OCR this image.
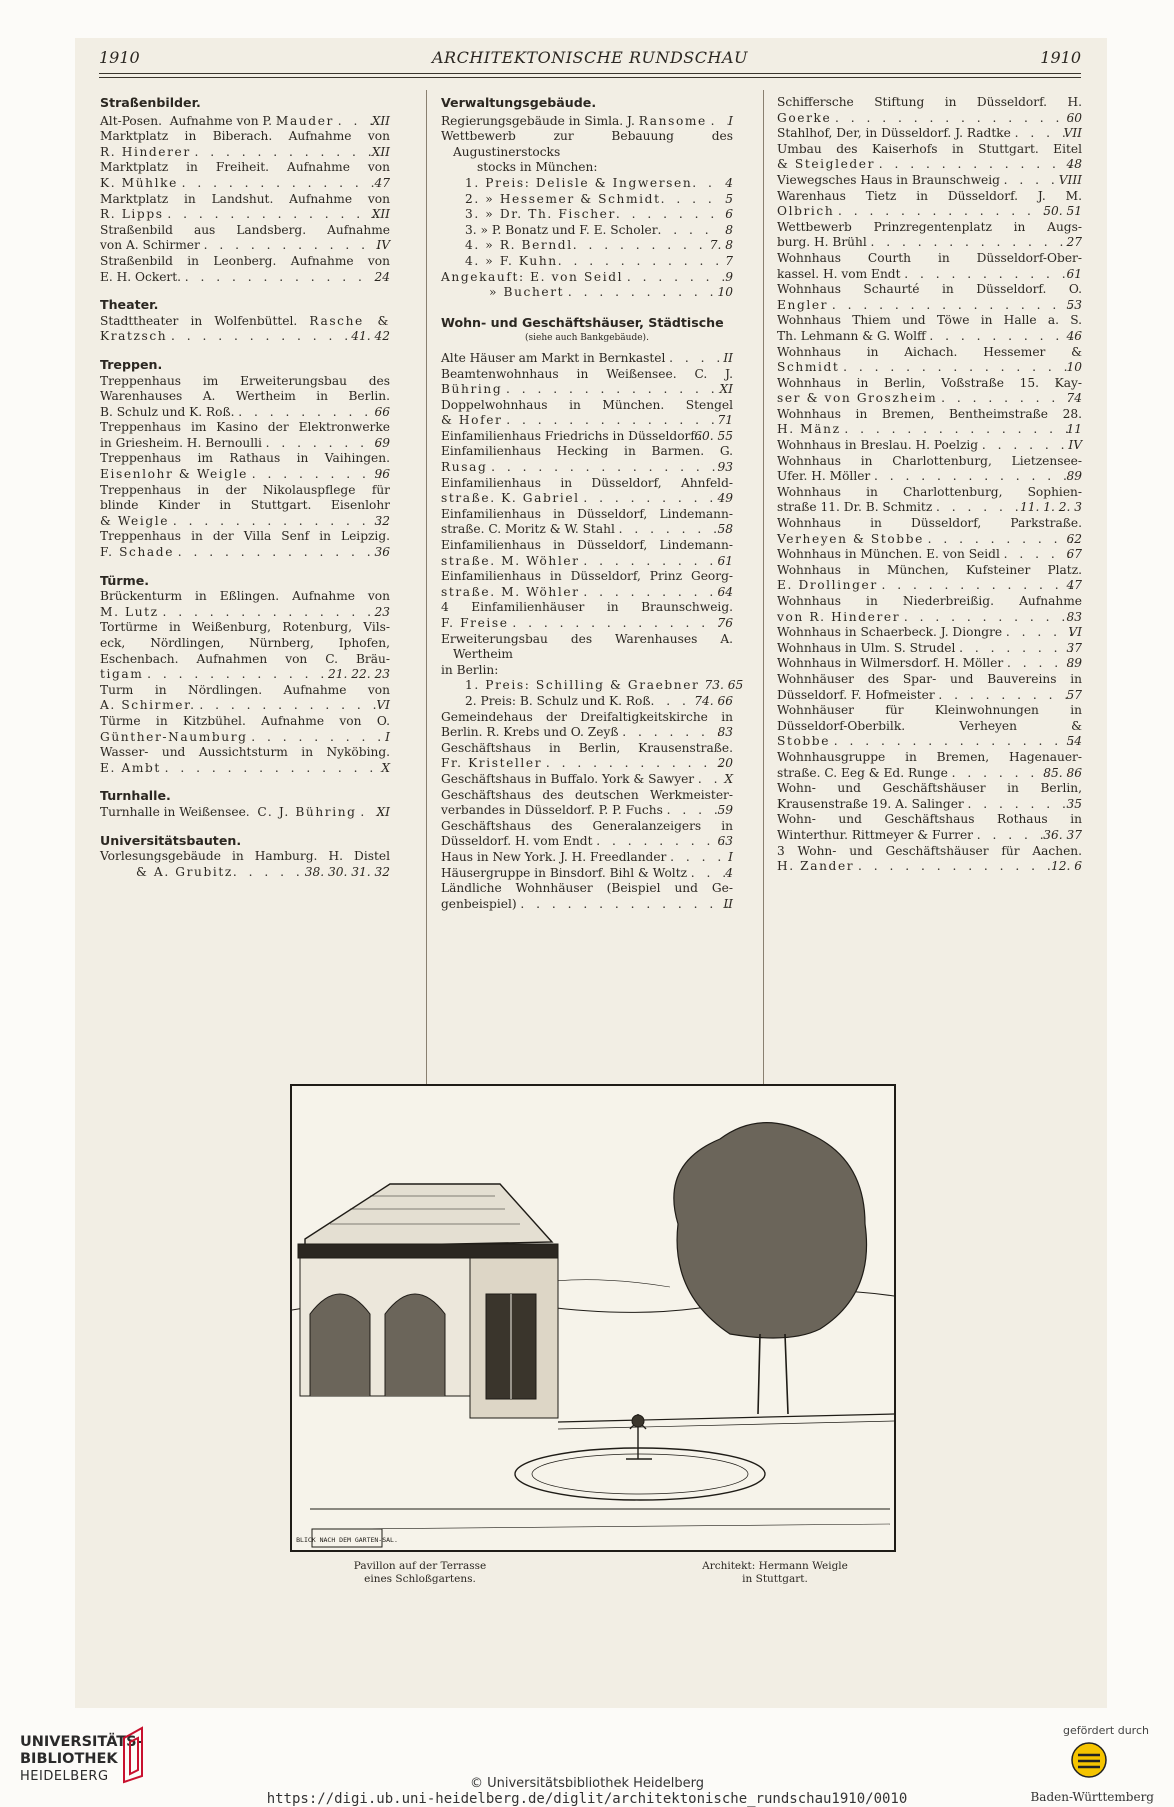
1910	ARCHITEKTONISCHE RUNDSCHAU	1910
Straßenbilder.
Alt-Posen. Aufnahme von P. Mauder . . .	XII
Marktplatz in Biberach. Aufnahme von
R. Hinderer . . .	XII
Marktplatz in Freiheit. Aufnahme von
K. Mühlke . . .	47
Marktplatz in Landshut. Aufnahme von
R. Lipps . . .	XII
Straßenbild aus Landsberg. Aufnahme
von A. Schirmer . . .	IV
Straßenbild in Leonberg. Aufnahme von
E. H. Ockert. . . .	24
Theater.
Stadttheater in Wolfenbüttel. Rasche &
Kratzsch . . .	41. 42
Treppen.
Treppenhaus im Erweiterungsbau des
Warenhauses A. Wertheim in Berlin.
B. Schulz und K. Roß. . . .	66
Treppenhaus im Kasino der Elektronwerke
in Griesheim. H. Bernoulli . . .	69
Treppenhaus im Rathaus in Vaihingen.
Eisenlohr & Weigle . . .	96
Treppenhaus in der Nikolauspflege für
blinde Kinder in Stuttgart. Eisenlohr
& Weigle . . .	32
Treppenhaus in der Villa Senf in Leipzig.
F. Schade . . .	36
Türme.
Brückenturm in Eßlingen. Aufnahme von
M. Lutz . . .	23
Tortürme in Weißenburg, Rotenburg, Vils-
eck, Nördlingen, Nürnberg, Iphofen,
Eschenbach. Aufnahmen von C. Bräu-
tigam . . .	21. 22. 23
Turm in Nördlingen. Aufnahme von
A. Schirmer. . . .	VI
Türme in Kitzbühel. Aufnahme von O.
Günther-Naumburg . . .	I
Wasser- und Aussichtsturm in Nyköbing.
E. Ambt . . .	X
Turnhalle.
Turnhalle in Weißensee. C. J. Bühring . . . XI
Universitätsbauten.
Vorlesungsgebäude in Hamburg. H. Distel
& A. Grubitz . . .	38. 30. 31. 32
Verwaltungsgebäude.
Regierungsgebäude in Simla. J. Ransome . . . I
Wettbewerb zur Bebauung des Augustinerstocks
stocks in München:
1. Preis: Delisle & Ingwersen . . .	4
2. » Hessemer & Schmidt . . .	5
3. » Dr. Th. Fischer . . .	6
3. » P. Bonatz und F. E. Scholer . . .	8
4. » R. Berndl . . .	7. 8
4. » F. Kuhn . . .	7
Angekauft: E. von Seidl . . .	9
» Buchert . . .	10
Wohn- und Geschäftshäuser, Städtische
(siehe auch Bankgebäude).
Alte Häuser am Markt in Bernkastel . . .	II
Beamtenwohnhaus in Weißensee. C. J.
Bühring . . .	XI
Doppelwohnhaus in München. Stengel
& Hofer . . .	71
Einfamilienhaus Friedrichs in Düsseldorf . . . 60. 55
Einfamilienhaus Hecking in Barmen. G.
Rusag . . .	93
Einfamilienhaus in Düsseldorf, Ahnfeld-
straße. K. Gabriel . . .	49
Einfamilienhaus in Düsseldorf, Lindemann-
straße. C. Moritz & W. Stahl . . .	58
Einfamilienhaus in Düsseldorf, Lindemann-
straße. M. Wöhler . . .	61
Einfamilienhaus in Düsseldorf, Prinz Georg-
straße. M. Wöhler . . .	64
4 Einfamilienhäuser in Braunschweig.
F. Freise . . .	76
Erweiterungsbau des Warenhauses A. Wertheim
in Berlin:
1. Preis: Schilling & Graebner 73. 65
2. Preis: B. Schulz und K. Roß . . .	74. 66
Gemeindehaus der Dreifaltigkeitskirche in
Berlin. R. Krebs und O. Zeyß . . .	83
Geschäftshaus in Berlin, Krausenstraße.
Fr. Kristeller . . .	20
Geschäftshaus in Buffalo. York & Sawyer . . . X
Geschäftshaus des deutschen Werkmeister-
verbandes in Düsseldorf. P. P. Fuchs . . .	59
Geschäftshaus des Generalanzeigers in
Düsseldorf. H. vom Endt . . .	63
Haus in New York. J. H. Freedlander . . .	I
Häusergruppe in Binsdorf. Bihl & Woltz . . .	4
Ländliche Wohnhäuser (Beispiel und Ge-
genbeispiel) . . .	II
Schiffersche Stiftung in Düsseldorf. H.
Goerke . . .	60
Stahlhof, Der, in Düsseldorf. J. Radtke . . .	VII
Umbau des Kaiserhofs in Stuttgart. Eitel
& Steigleder . . .	48
Viewegsches Haus in Braunschweig . . .	VIII
Warenhaus Tietz in Düsseldorf. J. M.
Olbrich . . .	50. 51
Wettbewerb Prinzregentenplatz in Augs-
burg. H. Brühl . . .	27
Wohnhaus Courth in Düsseldorf-Ober-
kassel. H. vom Endt . . .	61
Wohnhaus Schaurté in Düsseldorf. O.
Engler . . .	53
Wohnhaus Thiem und Töwe in Halle a. S.
Th. Lehmann & G. Wolff . . .	46
Wohnhaus in Aichach. Hessemer &
Schmidt . . .	10
Wohnhaus in Berlin, Voßstraße 15. Kay-
ser & von Groszheim . . .	74
Wohnhaus in Bremen, Bentheimstraße 28.
H. Mänz . . .	11
Wohnhaus in Breslau. H. Poelzig . . .	IV
Wohnhaus in Charlottenburg, Lietzensee-
Ufer. H. Möller . . .	89
Wohnhaus in Charlottenburg, Sophien-
straße 11. Dr. B. Schmitz . . .	11. 1. 2. 3
Wohnhaus in Düsseldorf, Parkstraße.
Verheyen & Stobbe . . .	62
Wohnhaus in München. E. von Seidl . . .	67
Wohnhaus in München, Kufsteiner Platz.
E. Drollinger . . .	47
Wohnhaus in Niederbreißig. Aufnahme
von R. Hinderer . . .	83
Wohnhaus in Schaerbeck. J. Diongre . . .	VI
Wohnhaus in Ulm. S. Strudel . . .	37
Wohnhaus in Wilmersdorf. H. Möller . . .	89
Wohnhäuser des Spar- und Bauvereins in
Düsseldorf. F. Hofmeister . . .	57
Wohnhäuser für Kleinwohnungen in
Düsseldorf-Oberbilk. Verheyen &
Stobbe . . .	54
Wohnhausgruppe in Bremen, Hagenauer-
straße. C. Eeg & Ed. Runge . . .	85. 86
Wohn- und Geschäftshäuser in Berlin,
Krausenstraße 19. A. Salinger . . .	35
Wohn- und Geschäftshaus Rothaus in
Winterthur. Rittmeyer & Furrer . . .	36. 37
3 Wohn- und Geschäftshäuser für Aachen.
H. Zander . . .	12. 6
BLICK NACH DEM GARTEN-SAL.
Pavillon auf der Terrasse
eines Schloßgartens.
Architekt: Hermann Weigle
in Stuttgart.
UNIVERSITÄTS-
BIBLIOTHEK
HEIDELBERG	© Universitätsbibliothek Heidelberg
https://digi.ub.uni-heidelberg.de/diglit/architektonische_rundschau1910/0010
gefördert durch
Baden-Württemberg
